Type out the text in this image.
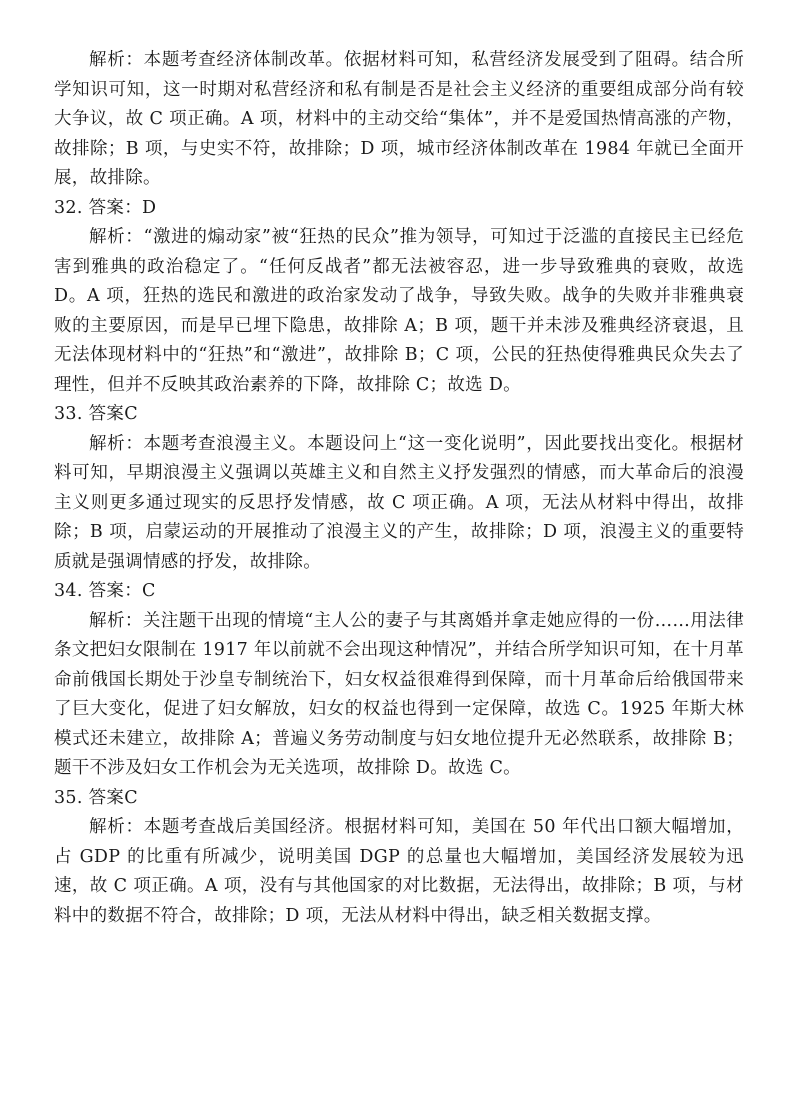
解析：本题考查经济体制改革。依据材料可知，私营经济发展受到了阻碍。结合所学知识可知，这一时期对私营经济和私有制是否是社会主义经济的重要组成部分尚有较大争议，故 C 项正确。A 项，材料中的主动交给“集体”，并不是爱国热情高涨的产物，故排除；B 项，与史实不符，故排除；D 项，城市经济体制改革在 1984 年就已全面开展，故排除。

32. 答案：D

解析：“激进的煽动家”被“狂热的民众”推为领导，可知过于泛滥的直接民主已经危害到雅典的政治稳定了。“任何反战者”都无法被容忍，进一步导致雅典的衰败，故选 D。A 项，狂热的选民和激进的政治家发动了战争，导致失败。战争的失败并非雅典衰败的主要原因，而是早已埋下隐患，故排除 A；B 项，题干并未涉及雅典经济衰退，且无法体现材料中的“狂热”和“激进”，故排除 B；C 项，公民的狂热使得雅典民众失去了理性，但并不反映其政治素养的下降，故排除 C；故选 D。

33. 答案C

解析：本题考查浪漫主义。本题设问上“这一变化说明”，因此要找出变化。根据材料可知，早期浪漫主义强调以英雄主义和自然主义抒发强烈的情感，而大革命后的浪漫主义则更多通过现实的反思抒发情感，故 C 项正确。A 项，无法从材料中得出，故排除；B 项，启蒙运动的开展推动了浪漫主义的产生，故排除；D 项，浪漫主义的重要特质就是强调情感的抒发，故排除。

34. 答案：C

解析：关注题干出现的情境“主人公的妻子与其离婚并拿走她应得的一份……用法律条文把妇女限制在 1917 年以前就不会出现这种情况”，并结合所学知识可知，在十月革命前俄国长期处于沙皇专制统治下，妇女权益很难得到保障，而十月革命后给俄国带来了巨大变化，促进了妇女解放，妇女的权益也得到一定保障，故选 C。1925 年斯大林模式还未建立，故排除 A；普遍义务劳动制度与妇女地位提升无必然联系，故排除 B；题干不涉及妇女工作机会为无关选项，故排除 D。故选 C。

35. 答案C

解析：本题考查战后美国经济。根据材料可知，美国在 50 年代出口额大幅增加，占 GDP 的比重有所减少，说明美国 DGP 的总量也大幅增加，美国经济发展较为迅速，故 C 项正确。A 项，没有与其他国家的对比数据，无法得出，故排除；B 项，与材料中的数据不符合，故排除；D 项，无法从材料中得出，缺乏相关数据支撑。
